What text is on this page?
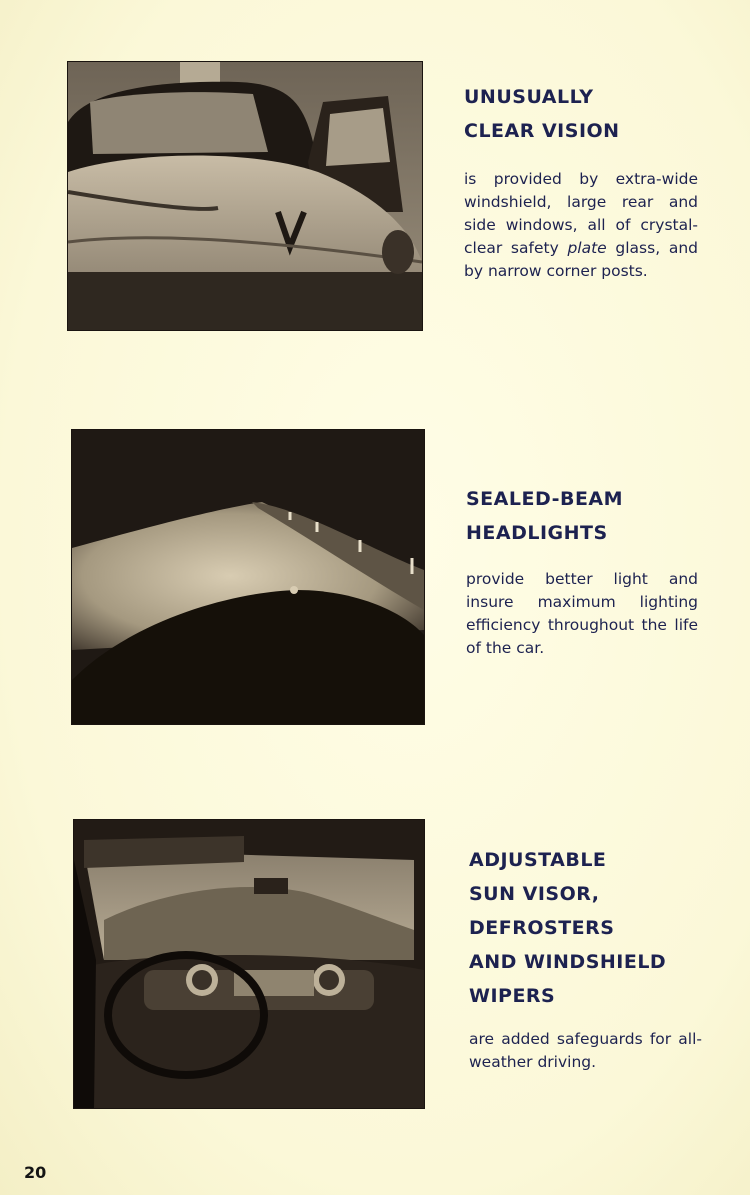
UNUSUALLY
CLEAR VISION

is provided by extra-wide windshield, large rear and side windows, all of crystal-clear safety plate glass, and by narrow corner posts.

SEALED-BEAM
HEADLIGHTS

provide better light and insure maximum lighting efficiency throughout the life of the car.

ADJUSTABLE
SUN VISOR,
DEFROSTERS
AND WINDSHIELD
WIPERS

are added safeguards for all-weather driving.

20
